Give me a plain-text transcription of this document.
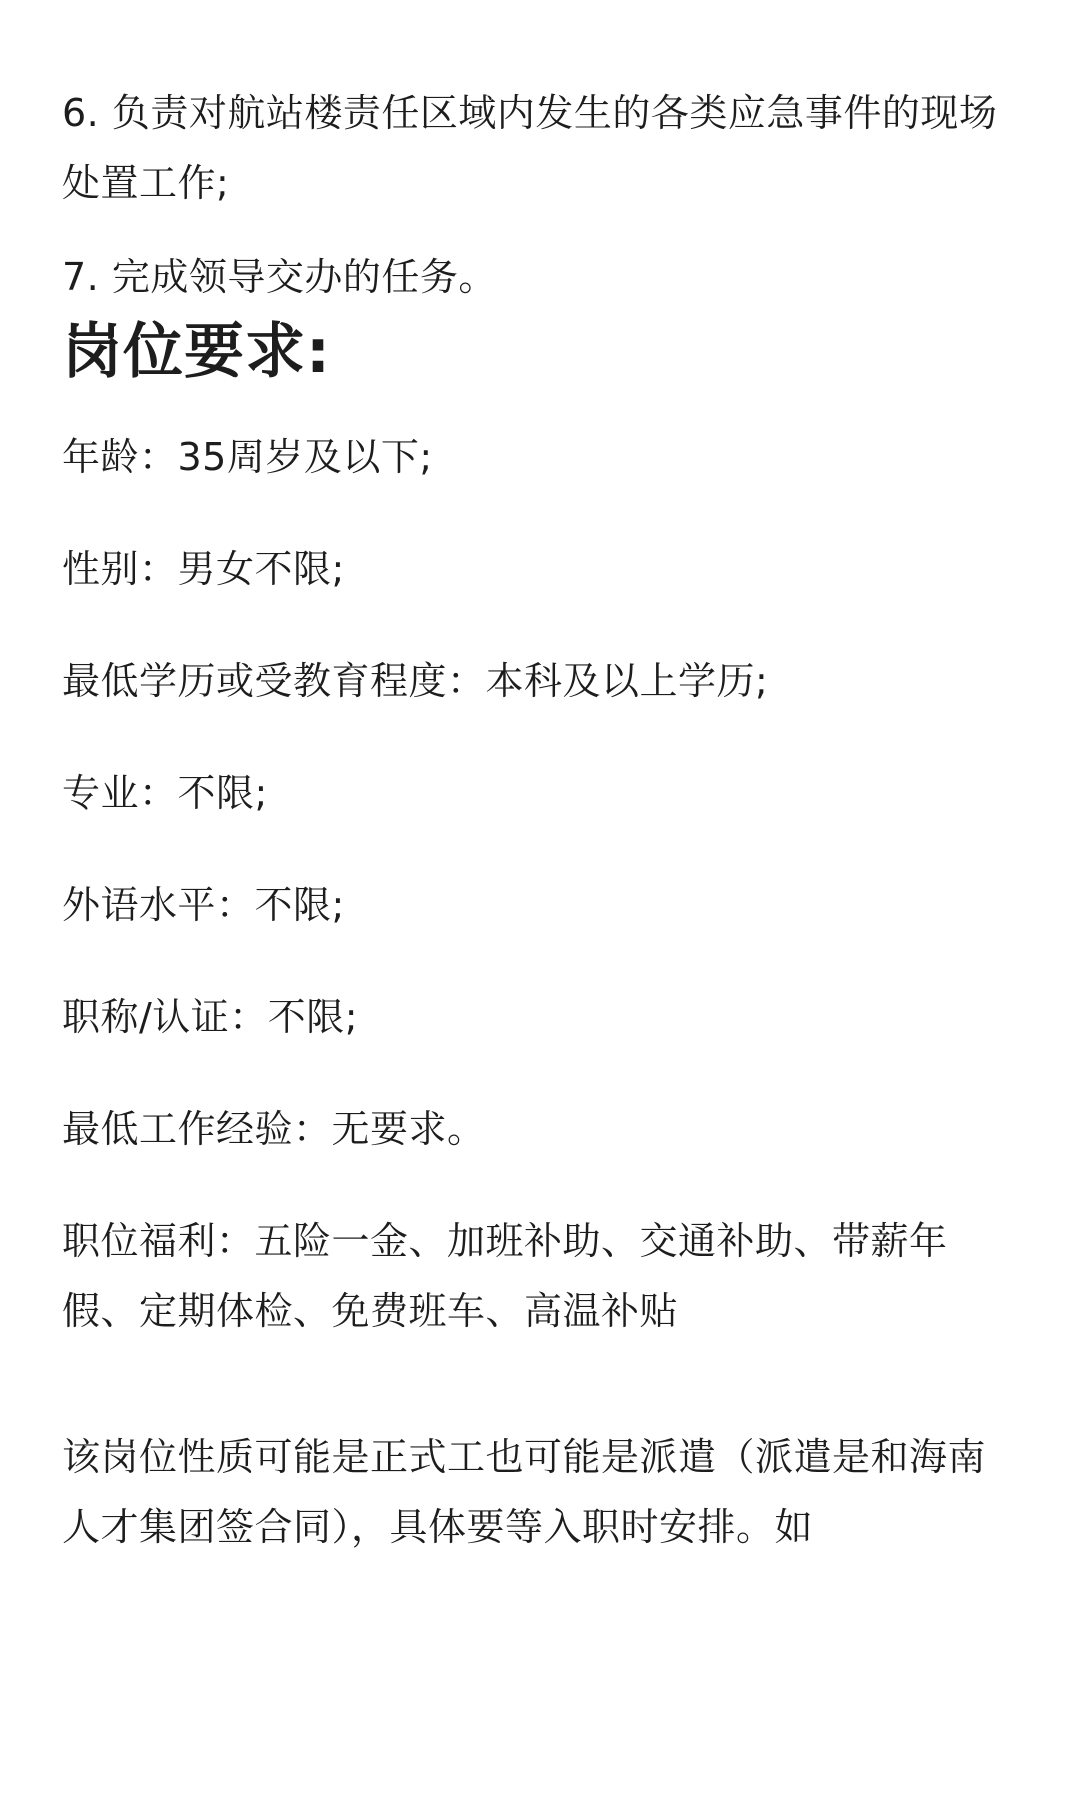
6. 负责对航站楼责任区域内发生的各类应急事件的现场处置工作;

7. 完成领导交办的任务。

岗位要求:

年龄：35周岁及以下;

性别：男女不限;

最低学历或受教育程度：本科及以上学历;

专业：不限;

外语水平：不限;

职称/认证：不限;

最低工作经验：无要求。

职位福利：五险一金、加班补助、交通补助、带薪年假、定期体检、免费班车、高温补贴

该岗位性质可能是正式工也可能是派遣（派遣是和海南人才集团签合同），具体要等入职时安排。如
